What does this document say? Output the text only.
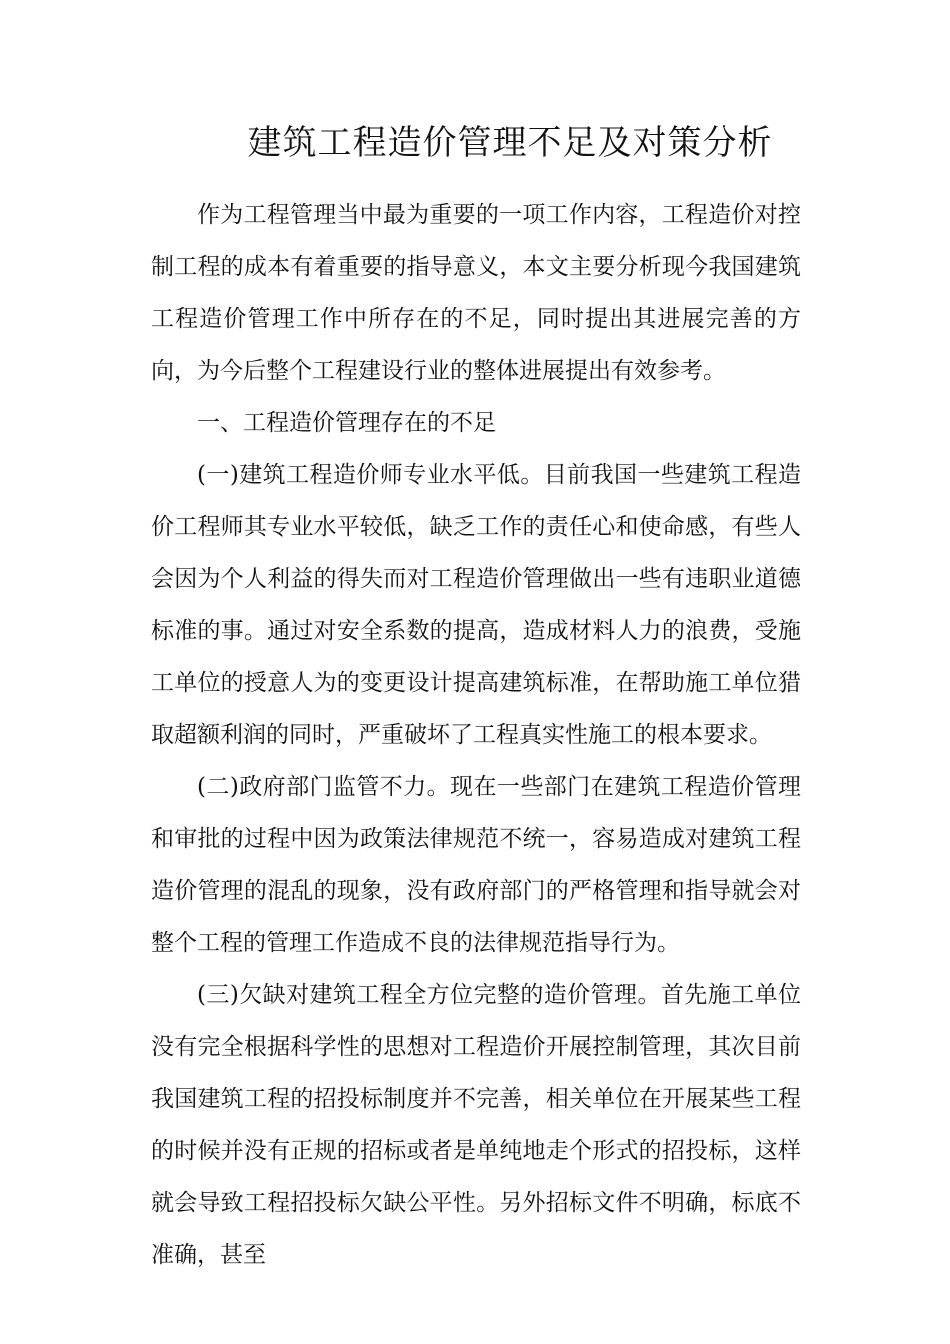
建筑工程造价管理不足及对策分析

作为工程管理当中最为重要的一项工作内容，工程造价对控制工程的成本有着重要的指导意义，本文主要分析现今我国建筑工程造价管理工作中所存在的不足，同时提出其进展完善的方向，为今后整个工程建设行业的整体进展提出有效参考。

一、工程造价管理存在的不足

(一)建筑工程造价师专业水平低。目前我国一些建筑工程造价工程师其专业水平较低，缺乏工作的责任心和使命感，有些人会因为个人利益的得失而对工程造价管理做出一些有违职业道德标准的事。通过对安全系数的提高，造成材料人力的浪费，受施工单位的授意人为的变更设计提高建筑标准，在帮助施工单位猎取超额利润的同时，严重破坏了工程真实性施工的根本要求。

(二)政府部门监管不力。现在一些部门在建筑工程造价管理和审批的过程中因为政策法律规范不统一，容易造成对建筑工程造价管理的混乱的现象，没有政府部门的严格管理和指导就会对整个工程的管理工作造成不良的法律规范指导行为。

(三)欠缺对建筑工程全方位完整的造价管理。首先施工单位没有完全根据科学性的思想对工程造价开展控制管理，其次目前我国建筑工程的招投标制度并不完善，相关单位在开展某些工程的时候并没有正规的招标或者是单纯地走个形式的招投标，这样就会导致工程招投标欠缺公平性。另外招标文件不明确，标底不准确，甚至
